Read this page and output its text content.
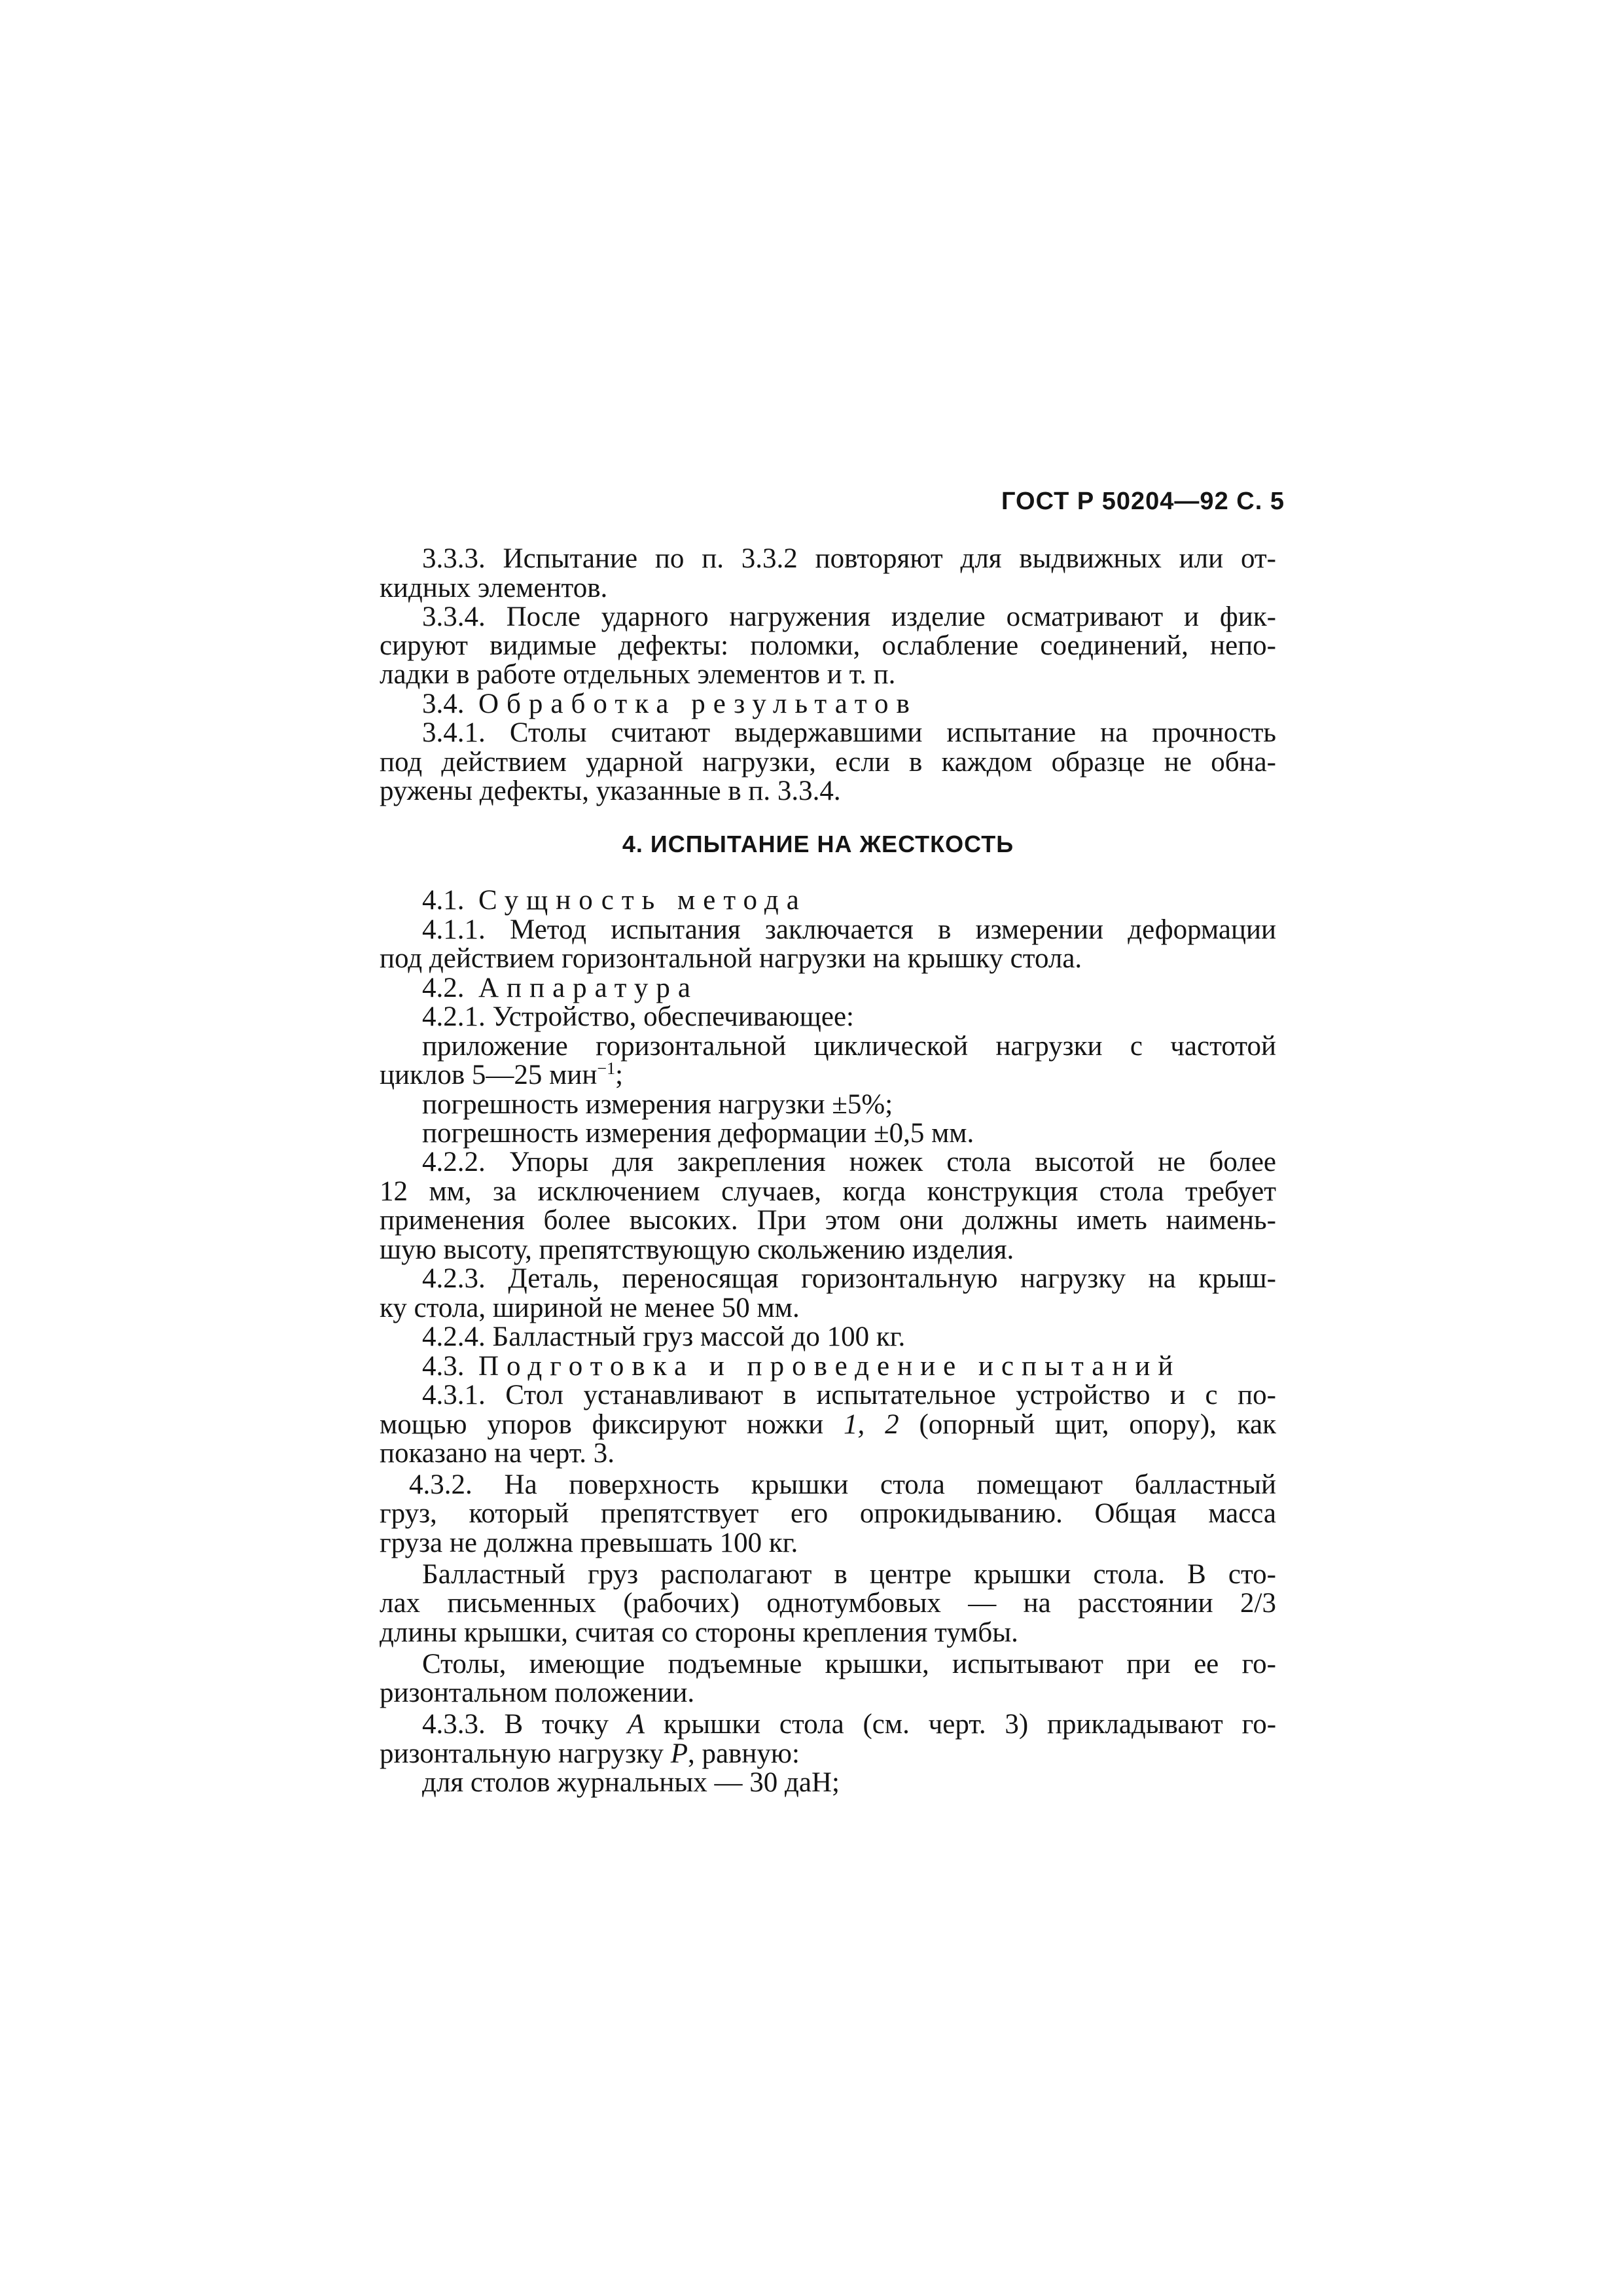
ГОСТ Р 50204—92 С. 5
3.3.3. Испытание по п. 3.3.2 повторяют для выдвижных или от-
кидных элементов.
3.3.4. После ударного нагружения изделие осматривают и фик-
сируют видимые дефекты: поломки, ослабление соединений, непо-
ладки в работе отдельных элементов и т. п.
3.4. Обработка результатов
3.4.1. Столы считают выдержавшими испытание на прочность
под действием ударной нагрузки, если в каждом образце не обна-
ружены дефекты, указанные в п. 3.3.4.
4. ИСПЫТАНИЕ НА ЖЕСТКОСТЬ
4.1. Сущность метода
4.1.1. Метод испытания заключается в измерении деформации
под действием горизонтальной нагрузки на крышку стола.
4.2. Аппаратура
4.2.1. Устройство, обеспечивающее:
приложение горизонтальной циклической нагрузки с частотой
циклов 5—25 мин$^{-1}$;
погрешность измерения нагрузки ±5%;
погрешность измерения деформации ±0,5 мм.
4.2.2. Упоры для закрепления ножек стола высотой не более
12 мм, за исключением случаев, когда конструкция стола требует
применения более высоких. При этом они должны иметь наимень-
шую высоту, препятствующую скольжению изделия.
4.2.3. Деталь, переносящая горизонтальную нагрузку на крыш-
ку стола, шириной не менее 50 мм.
4.2.4. Балластный груз массой до 100 кг.
4.3. Подготовка и проведение испытаний
4.3.1. Стол устанавливают в испытательное устройство и с по-
мощью упоров фиксируют ножки 1, 2 (опорный щит, опору), как
показано на черт. 3.
4.3.2. На поверхность крышки стола помещают балластный
груз, который препятствует его опрокидыванию. Общая масса
груза не должна превышать 100 кг.
Балластный груз располагают в центре крышки стола. В сто-
лах письменных (рабочих) однотумбовых — на расстоянии 2/3
длины крышки, считая со стороны крепления тумбы.
Столы, имеющие подъемные крышки, испытывают при ее го-
ризонтальном положении.
4.3.3. В точку А крышки стола (см. черт. 3) прикладывают го-
ризонтальную нагрузку Р, равную:
для столов журнальных — 30 даН;
